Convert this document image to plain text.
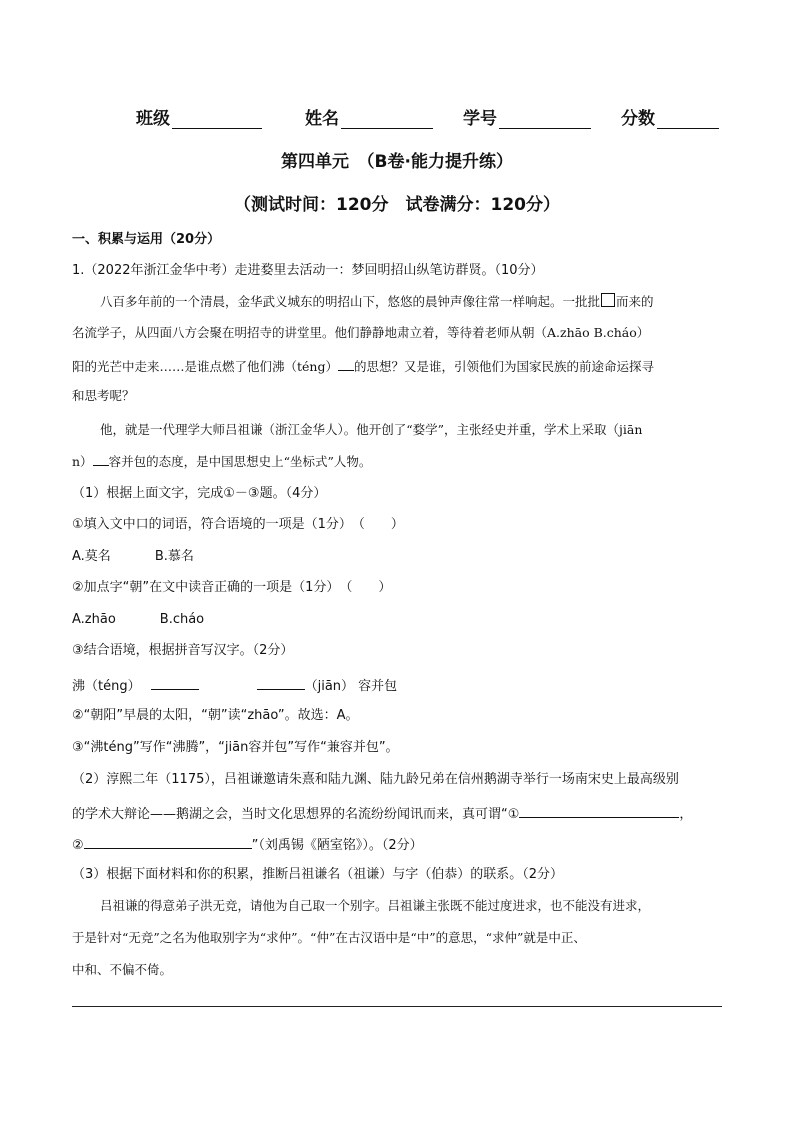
班级	姓名	学号	分数
第四单元　（B卷·能力提升练）
（测试时间：120分　试卷满分：120分）
一、积累与运用（20分）
1.（2022年浙江金华中考）走进婺里去活动一：梦回明招山纵笔访群贤。（10分）
八百多年前的一个清晨，金华武义城东的明招山下，悠悠的晨钟声像往常一样响起。一批批 而来的
名流学子，从四面八方会聚在明招寺的讲堂里。他们静静地肃立着，等待着老师从朝（A.zhāo B.cháo）
阳的光芒中走来……是谁点燃了他们沸（téng） 的思想？又是谁，引领他们为国家民族的前途命运探寻
和思考呢？
他，就是一代理学大师吕祖谦（浙江金华人）。他开创了“婺学”，主张经史并重，学术上采取（jiān
n） 容并包的态度，是中国思想史上“坐标式”人物。
（1）根据上面文字，完成①－③题。（4分）
①填入文中口的词语，符合语境的一项是（1分）　（　　）
A.莫名	B.慕名
②加点字“朝”在文中读音正确的一项是（1分）　（　　）
A.zhāo	B.cháo
③结合语境，根据拼音写汉字。（2分）
沸（téng）	（jiān） 容并包
②“朝阳”早晨的太阳，“朝”读“zhāo”。故选：A。
③“沸téng”写作“沸腾”，“jiān容并包”写作“兼容并包”。
（2）淳熙二年（1175），吕祖谦邀请朱熹和陆九渊、陆九龄兄弟在信州鹅湖寺举行一场南宋史上最高级别
的学术大辩论——鹅湖之会，当时文化思想界的名流纷纷闻讯而来，真可谓“①	，
②	”（刘禹锡《陋室铭》）。（2分）
（3）根据下面材料和你的积累，推断吕祖谦名（祖谦）与字（伯恭）的联系。（2分）
吕祖谦的得意弟子洪无竞，请他为自己取一个别字。吕祖谦主张既不能过度进求，也不能没有进求，
于是针对“无竞”之名为他取别字为“求仲”。“仲”在古汉语中是“中”的意思，“求仲”就是中正、
中和、不偏不倚。
